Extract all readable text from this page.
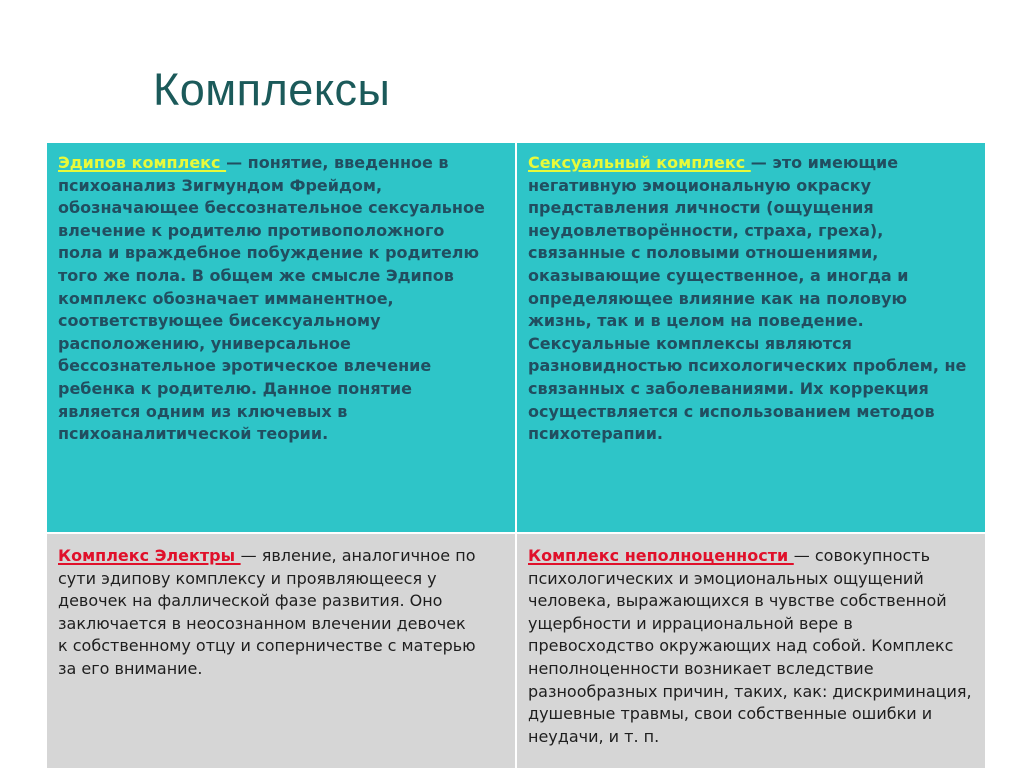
Комплексы
Эдипов комплекс — понятие, введенное в психоанализ Зигмундом Фрейдом, обозначающее бессознательное сексуальное влечение к родителю противоположного пола и враждебное побуждение к родителю того же пола. В общем же смысле Эдипов комплекс обозначает имманентное, соответствующее бисексуальному расположению, универсальное бессознательное эротическое влечение ребенка к родителю. Данное понятие является одним из ключевых в психоаналитической теории.
Сексуальный комплекс — это имеющие негативную эмоциональную окраску представления личности (ощущения неудовлетворённости, страха, греха), связанные с половыми отношениями, оказывающие существенное, а иногда и определяющее влияние как на половую жизнь, так и в целом на поведение. Сексуальные комплексы являются разновидностью психологических проблем, не связанных с заболеваниями. Их коррекция осуществляется с использованием методов психотерапии.
Комплекс Электры — явление, аналогичное по сути эдипову комплексу и проявляющееся у девочек на фаллической фазе развития. Оно заключается в неосознанном влечении девочек к собственному отцу и соперничестве с матерью за его внимание.
Комплекс неполноценности — совокупность психологических и эмоциональных ощущений человека, выражающихся в чувстве собственной ущербности и иррациональной вере в превосходство окружающих над собой. Комплекс неполноценности возникает вследствие разнообразных причин, таких, как: дискриминация, душевные травмы, свои собственные ошибки и неудачи, и т. п.
